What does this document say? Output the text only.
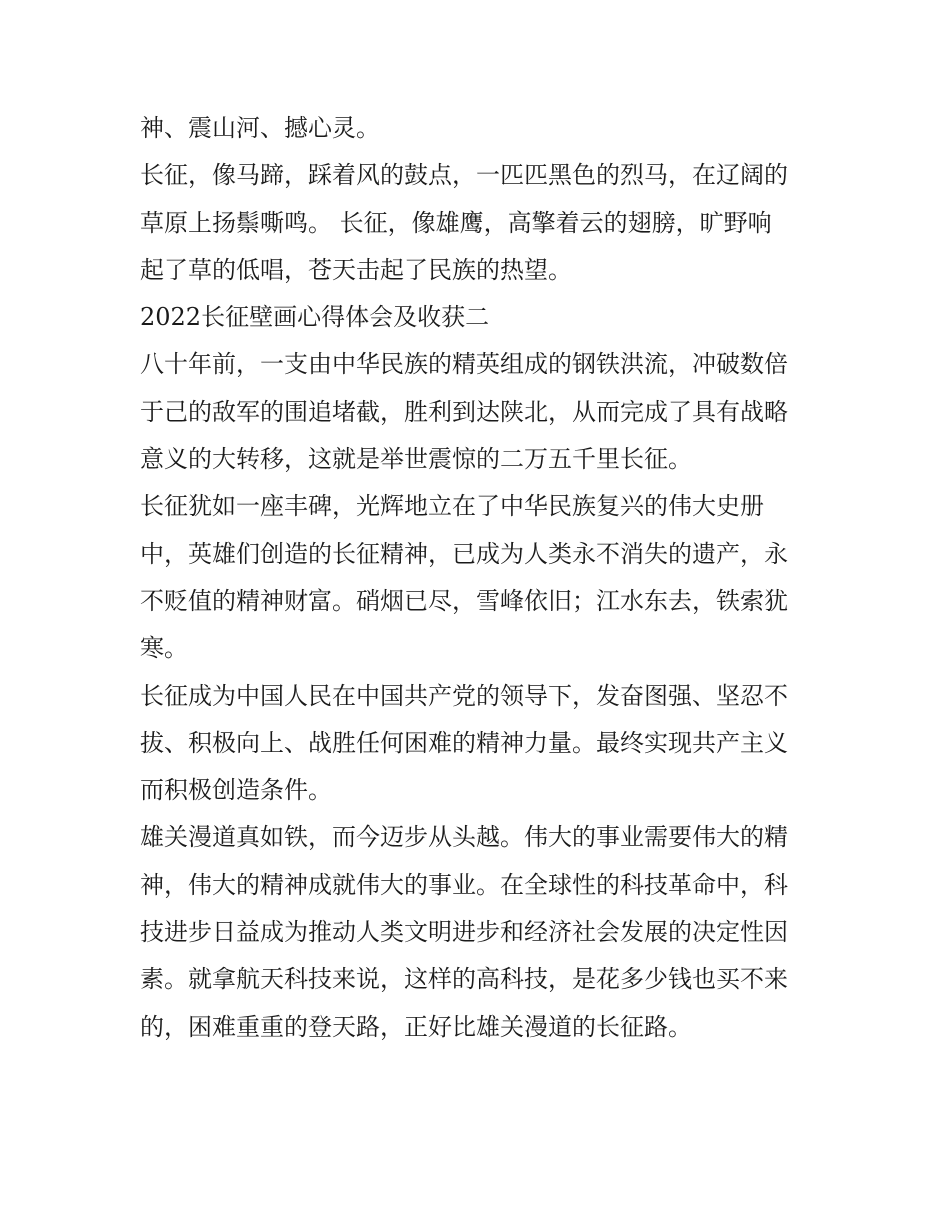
神、震山河、撼心灵。

长征，像马蹄，踩着风的鼓点，一匹匹黑色的烈马，在辽阔的
草原上扬鬃嘶鸣。 长征，像雄鹰，高擎着云的翅膀，旷野响
起了草的低唱，苍天击起了民族的热望。

2022长征壁画心得体会及收获二

八十年前，一支由中华民族的精英组成的钢铁洪流，冲破数倍
于己的敌军的围追堵截，胜利到达陕北，从而完成了具有战略
意义的大转移，这就是举世震惊的二万五千里长征。

长征犹如一座丰碑，光辉地立在了中华民族复兴的伟大史册
中，英雄们创造的长征精神，已成为人类永不消失的遗产，永
不贬值的精神财富。硝烟已尽，雪峰依旧；江水东去，铁索犹
寒。

长征成为中国人民在中国共产党的领导下，发奋图强、坚忍不
拔、积极向上、战胜任何困难的精神力量。最终实现共产主义
而积极创造条件。

雄关漫道真如铁，而今迈步从头越。伟大的事业需要伟大的精
神，伟大的精神成就伟大的事业。在全球性的科技革命中，科
技进步日益成为推动人类文明进步和经济社会发展的决定性因
素。就拿航天科技来说，这样的高科技，是花多少钱也买不来
的，困难重重的登天路，正好比雄关漫道的长征路。
